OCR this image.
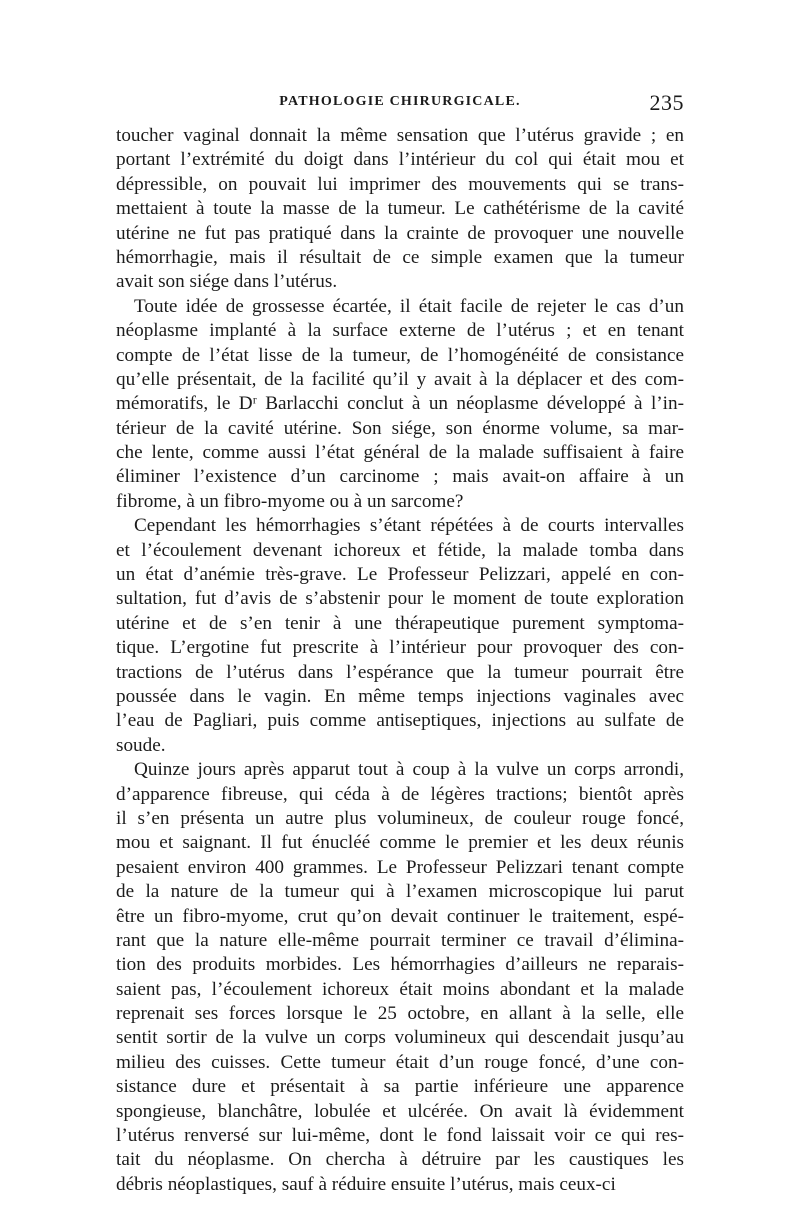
PATHOLOGIE CHIRURGICALE.	235
toucher vaginal donnait la même sensation que l’utérus gravide ; en
portant l’extrémité du doigt dans l’intérieur du col qui était mou et
dépressible, on pouvait lui imprimer des mouvements qui se trans-
mettaient à toute la masse de la tumeur. Le cathétérisme de la cavité
utérine ne fut pas pratiqué dans la crainte de provoquer une nouvelle
hémorrhagie, mais il résultait de ce simple examen que la tumeur
avait son siége dans l’utérus.
Toute idée de grossesse écartée, il était facile de rejeter le cas d’un
néoplasme implanté à la surface externe de l’utérus ; et en tenant
compte de l’état lisse de la tumeur, de l’homogénéité de consistance
qu’elle présentait, de la facilité qu’il y avait à la déplacer et des com-
mémoratifs, le Dʳ Barlacchi conclut à un néoplasme développé à l’in-
térieur de la cavité utérine. Son siége, son énorme volume, sa mar-
che lente, comme aussi l’état général de la malade suffisaient à faire
éliminer l’existence d’un carcinome ; mais avait-on affaire à un
fibrome, à un fibro-myome ou à un sarcome?
Cependant les hémorrhagies s’étant répétées à de courts intervalles
et l’écoulement devenant ichoreux et fétide, la malade tomba dans
un état d’anémie très-grave. Le Professeur Pelizzari, appelé en con-
sultation, fut d’avis de s’abstenir pour le moment de toute exploration
utérine et de s’en tenir à une thérapeutique purement symptoma-
tique. L’ergotine fut prescrite à l’intérieur pour provoquer des con-
tractions de l’utérus dans l’espérance que la tumeur pourrait être
poussée dans le vagin. En même temps injections vaginales avec
l’eau de Pagliari, puis comme antiseptiques, injections au sulfate de
soude.
Quinze jours après apparut tout à coup à la vulve un corps arrondi,
d’apparence fibreuse, qui céda à de légères tractions; bientôt après
il s’en présenta un autre plus volumineux, de couleur rouge foncé,
mou et saignant. Il fut énucléé comme le premier et les deux réunis
pesaient environ 400 grammes. Le Professeur Pelizzari tenant compte
de la nature de la tumeur qui à l’examen microscopique lui parut
être un fibro-myome, crut qu’on devait continuer le traitement, espé-
rant que la nature elle-même pourrait terminer ce travail d’élimina-
tion des produits morbides. Les hémorrhagies d’ailleurs ne reparais-
saient pas, l’écoulement ichoreux était moins abondant et la malade
reprenait ses forces lorsque le 25 octobre, en allant à la selle, elle
sentit sortir de la vulve un corps volumineux qui descendait jusqu’au
milieu des cuisses. Cette tumeur était d’un rouge foncé, d’une con-
sistance dure et présentait à sa partie inférieure une apparence
spongieuse, blanchâtre, lobulée et ulcérée. On avait là évidemment
l’utérus renversé sur lui-même, dont le fond laissait voir ce qui res-
tait du néoplasme. On chercha à détruire par les caustiques les
débris néoplastiques, sauf à réduire ensuite l’utérus, mais ceux-ci
